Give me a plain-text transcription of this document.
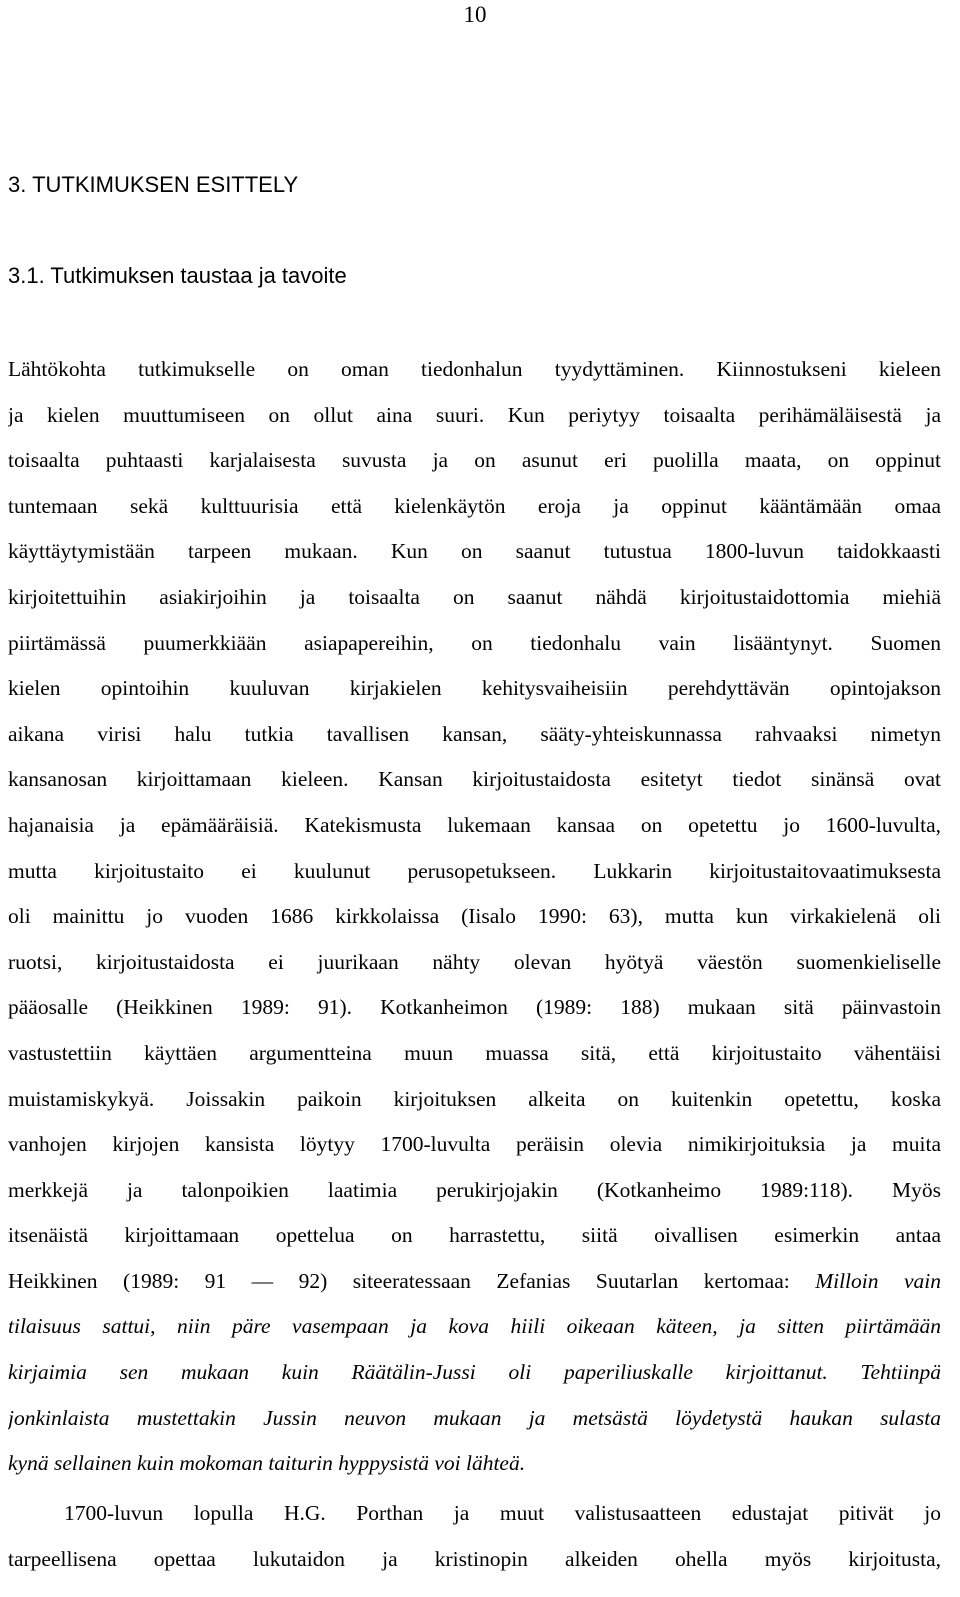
10
3. TUTKIMUKSEN ESITTELY
3.1. Tutkimuksen taustaa ja tavoite
Lähtökohta tutkimukselle on oman tiedonhalun tyydyttäminen. Kiinnostukseni kieleen
ja kielen muuttumiseen on ollut aina suuri. Kun periytyy toisaalta perihämäläisestä ja
toisaalta puhtaasti karjalaisesta suvusta ja on asunut eri puolilla maata, on oppinut
tuntemaan sekä kulttuurisia että kielenkäytön eroja ja oppinut kääntämään omaa
käyttäytymistään tarpeen mukaan. Kun on saanut tutustua 1800-luvun taidokkaasti
kirjoitettuihin asiakirjoihin ja toisaalta on saanut nähdä kirjoitustaidottomia miehiä
piirtämässä puumerkkiään asiapapereihin, on tiedonhalu vain lisääntynyt. Suomen
kielen opintoihin kuuluvan kirjakielen kehitysvaiheisiin perehdyttävän opintojakson
aikana virisi halu tutkia tavallisen kansan, sääty-yhteiskunnassa rahvaaksi nimetyn
kansanosan kirjoittamaan kieleen. Kansan kirjoitustaidosta esitetyt tiedot sinänsä ovat
hajanaisia ja epämääräisiä. Katekismusta lukemaan kansaa on opetettu jo 1600-luvulta,
mutta kirjoitustaito ei kuulunut perusopetukseen. Lukkarin kirjoitustaitovaatimuksesta
oli mainittu jo vuoden 1686 kirkkolaissa (Iisalo 1990: 63), mutta kun virkakielenä oli
ruotsi, kirjoitustaidosta ei juurikaan nähty olevan hyötyä väestön suomenkieliselle
pääosalle (Heikkinen 1989: 91). Kotkanheimon (1989: 188) mukaan sitä päinvastoin
vastustettiin käyttäen argumentteina muun muassa sitä, että kirjoitustaito vähentäisi
muistamiskykyä. Joissakin paikoin kirjoituksen alkeita on kuitenkin opetettu, koska
vanhojen kirjojen kansista löytyy 1700-luvulta peräisin olevia nimikirjoituksia ja muita
merkkejä ja talonpoikien laatimia perukirjojakin (Kotkanheimo 1989:118). Myös
itsenäistä kirjoittamaan opettelua on harrastettu, siitä oivallisen esimerkin antaa
Heikkinen (1989: 91 — 92) siteeratessaan Zefanias Suutarlan kertomaa: Milloin vain
tilaisuus sattui, niin päre vasempaan ja kova hiili oikeaan käteen, ja sitten piirtämään
kirjaimia sen mukaan kuin Räätälin-Jussi oli paperiliuskalle kirjoittanut. Tehtiinpä
jonkinlaista mustettakin Jussin neuvon mukaan ja metsästä löydetystä haukan sulasta
kynä sellainen kuin mokoman taiturin hyppysistä voi lähteä.
1700-luvun lopulla H.G. Porthan ja muut valistusaatteen edustajat pitivät jo
tarpeellisena opettaa lukutaidon ja kristinopin alkeiden ohella myös kirjoitusta,
